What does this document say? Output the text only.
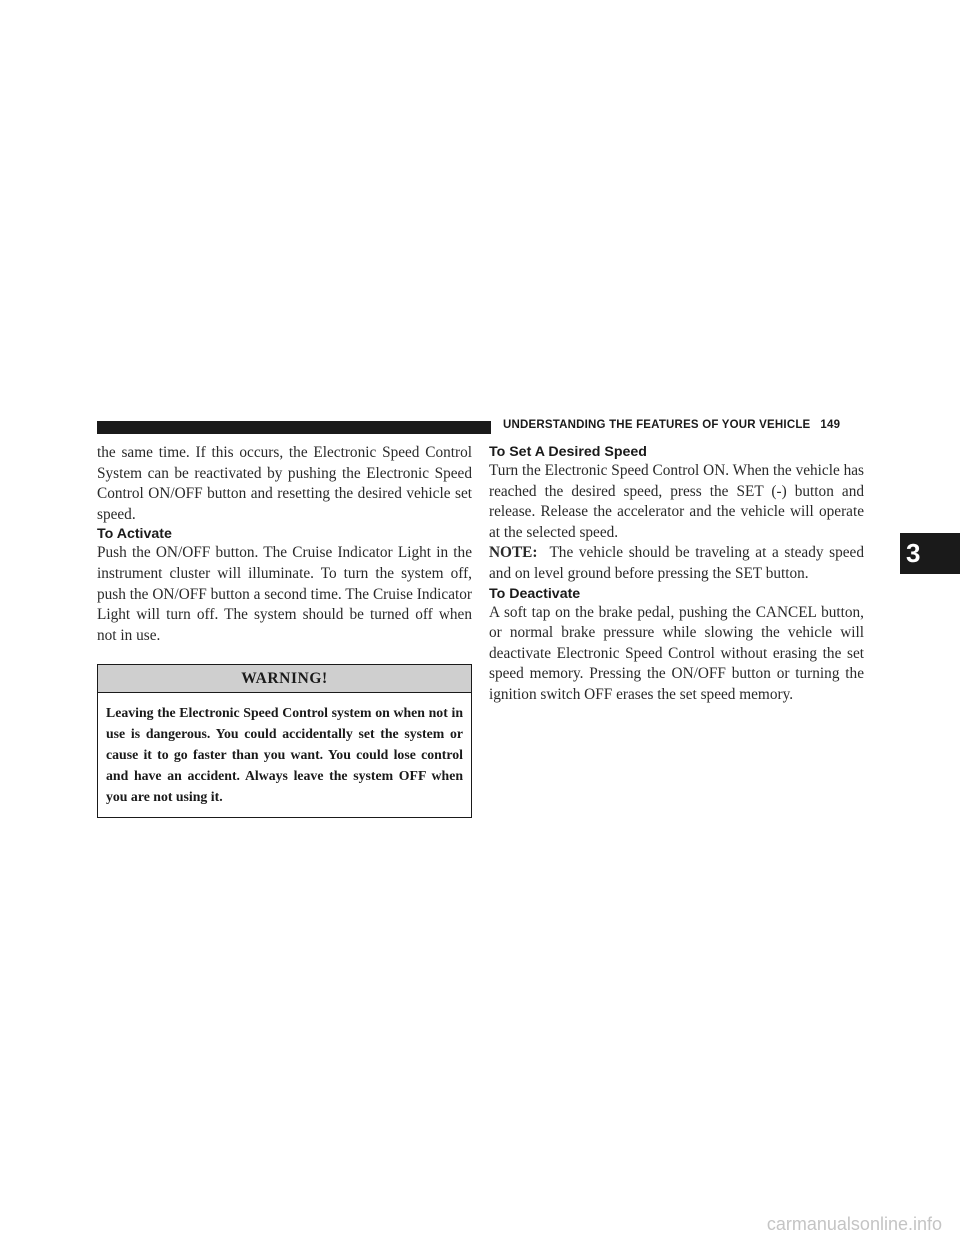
UNDERSTANDING THE FEATURES OF YOUR VEHICLE 149

the same time. If this occurs, the Electronic Speed Control System can be reactivated by pushing the Electronic Speed Control ON/OFF button and resetting the desired vehicle set speed.

To Activate

Push the ON/OFF button. The Cruise Indicator Light in the instrument cluster will illuminate. To turn the system off, push the ON/OFF button a second time. The Cruise Indicator Light will turn off. The system should be turned off when not in use.

WARNING!

Leaving the Electronic Speed Control system on when not in use is dangerous. You could accidentally set the system or cause it to go faster than you want. You could lose control and have an accident. Always leave the system OFF when you are not using it.

To Set A Desired Speed

Turn the Electronic Speed Control ON. When the vehicle has reached the desired speed, press the SET (-) button and release. Release the accelerator and the vehicle will operate at the selected speed.

NOTE: The vehicle should be traveling at a steady speed and on level ground before pressing the SET button.

To Deactivate

A soft tap on the brake pedal, pushing the CANCEL button, or normal brake pressure while slowing the vehicle will deactivate Electronic Speed Control without erasing the set speed memory. Pressing the ON/OFF button or turning the ignition switch OFF erases the set speed memory.

3
carmanualsonline.info
